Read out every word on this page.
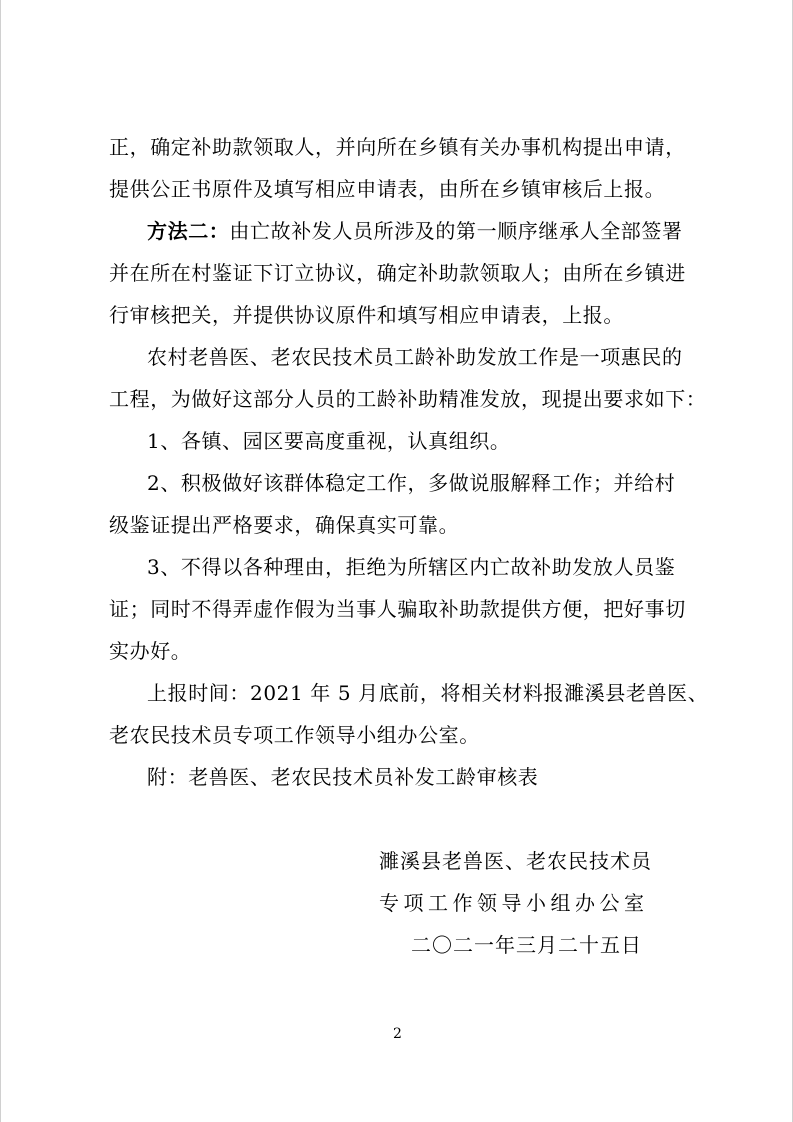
正，确定补助款领取人，并向所在乡镇有关办事机构提出申请，
提供公正书原件及填写相应申请表，由所在乡镇审核后上报。
方法二：由亡故补发人员所涉及的第一顺序继承人全部签署
并在所在村鉴证下订立协议，确定补助款领取人；由所在乡镇进
行审核把关，并提供协议原件和填写相应申请表，上报。
农村老兽医、老农民技术员工龄补助发放工作是一项惠民的
工程，为做好这部分人员的工龄补助精准发放，现提出要求如下：
1、各镇、园区要高度重视，认真组织。
2、积极做好该群体稳定工作，多做说服解释工作；并给村
级鉴证提出严格要求，确保真实可靠。
3、不得以各种理由，拒绝为所辖区内亡故补助发放人员鉴
证；同时不得弄虚作假为当事人骗取补助款提供方便，把好事切
实办好。
上报时间：2021 年 5 月底前，将相关材料报濉溪县老兽医、
老农民技术员专项工作领导小组办公室。
附：老兽医、老农民技术员补发工龄审核表
濉溪县老兽医、老农民技术员
专项工作领导小组办公室
二〇二一年三月二十五日
2
